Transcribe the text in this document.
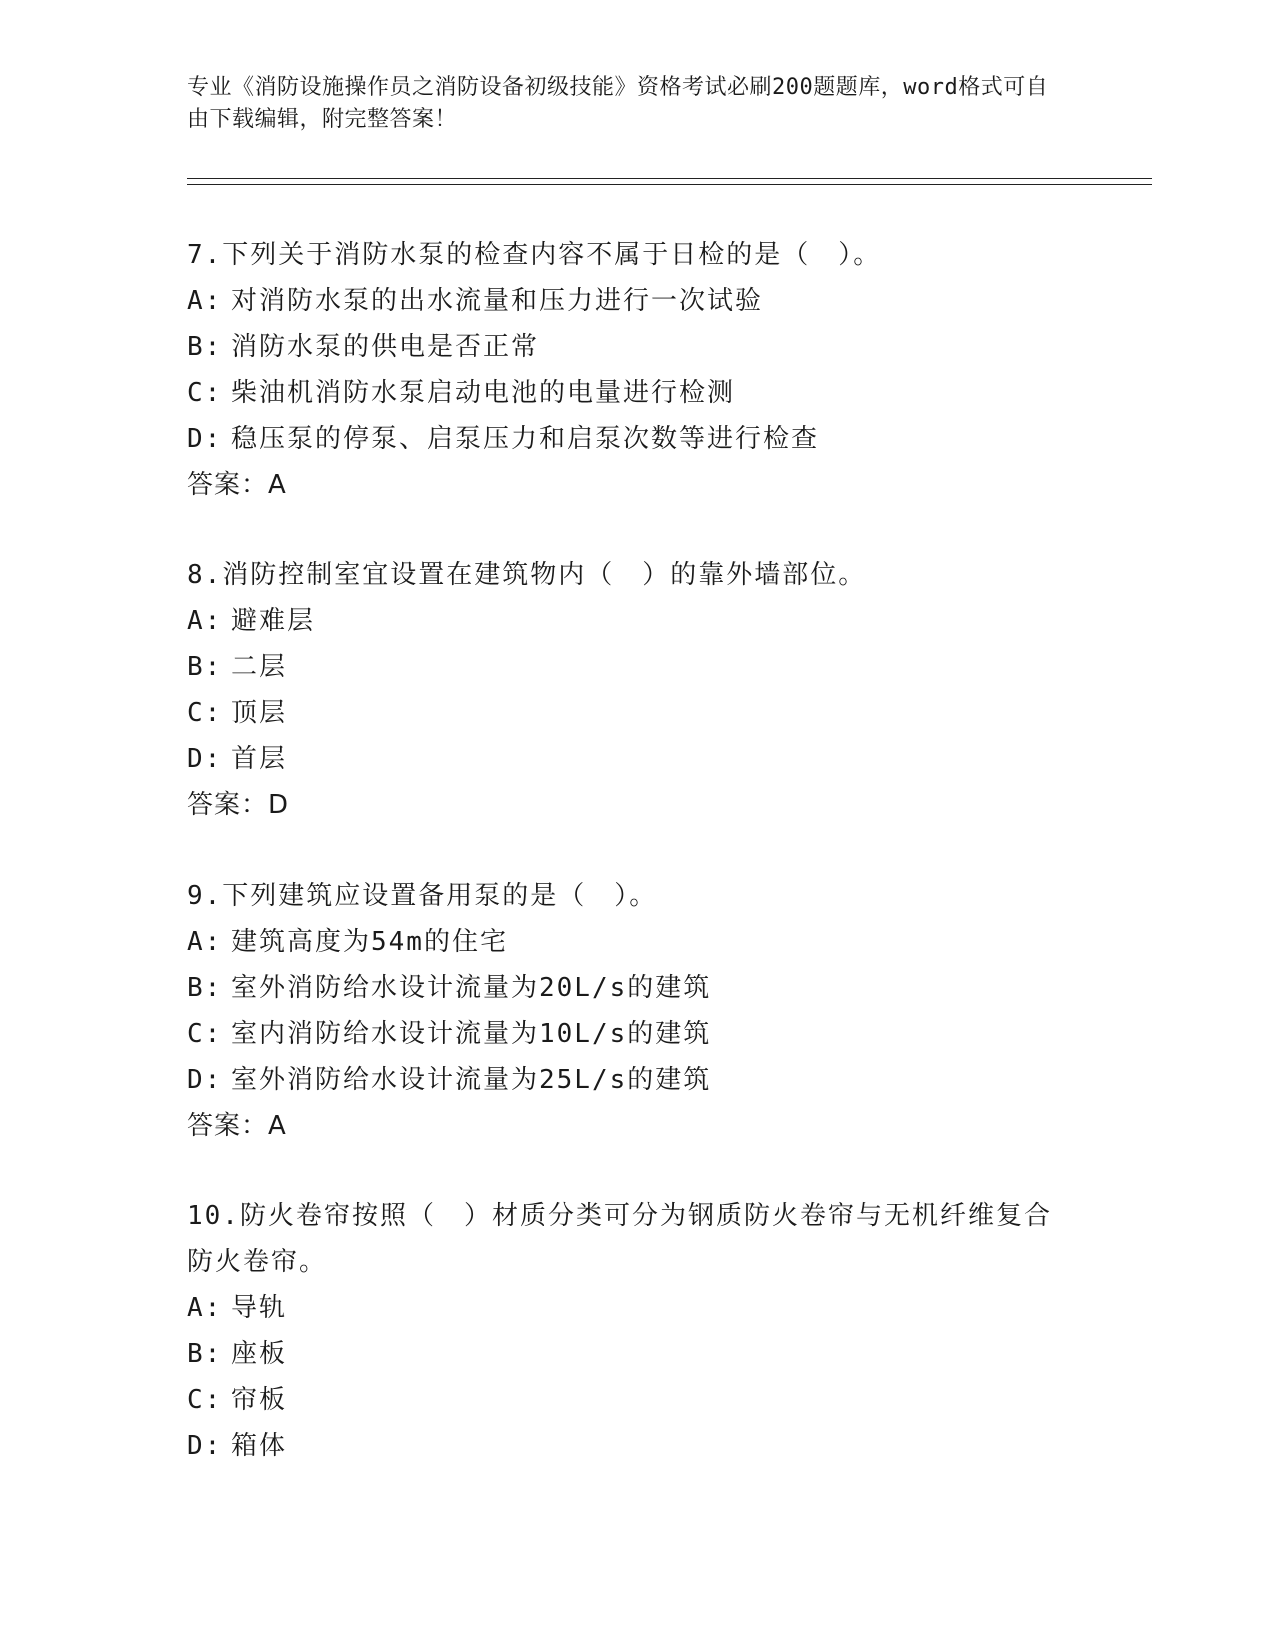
专业《消防设施操作员之消防设备初级技能》资格考试必刷200题题库，word格式可自由下载编辑，附完整答案！
7.下列关于消防水泵的检查内容不属于日检的是（　）。
A: 对消防水泵的出水流量和压力进行一次试验
B: 消防水泵的供电是否正常
C: 柴油机消防水泵启动电池的电量进行检测
D: 稳压泵的停泵、启泵压力和启泵次数等进行检查
答案：A
8.消防控制室宜设置在建筑物内（　）的靠外墙部位。
A: 避难层
B: 二层
C: 顶层
D: 首层
答案：D
9.下列建筑应设置备用泵的是（　）。
A: 建筑高度为54m的住宅
B: 室外消防给水设计流量为20L/s的建筑
C: 室内消防给水设计流量为10L/s的建筑
D: 室外消防给水设计流量为25L/s的建筑
答案：A
10.防火卷帘按照（　）材质分类可分为钢质防火卷帘与无机纤维复合防火卷帘。
A: 导轨
B: 座板
C: 帘板
D: 箱体
